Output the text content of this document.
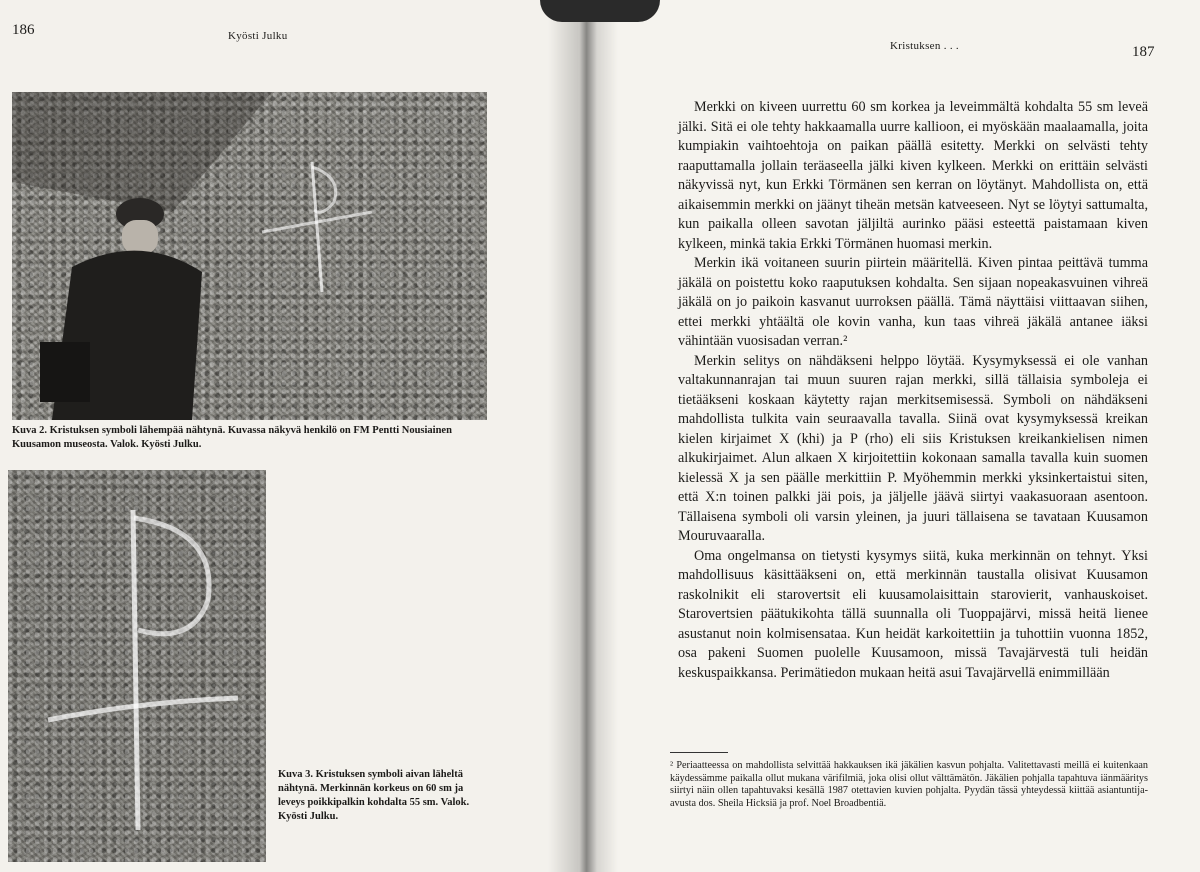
186	Kyösti Julku
Kuva 2. Kristuksen symboli lähempää nähtynä. Kuvassa näkyvä henkilö on FM Pentti Nousiainen Kuusamon museosta. Valok. Kyösti Julku.
Kuva 3. Kristuksen symboli aivan läheltä nähtynä. Merkinnän korkeus on 60 sm ja leveys poikkipalkin kohdalta 55 sm. Valok. Kyösti Julku.
Kristuksen . . .	187

Merkki on kiveen uurrettu 60 sm korkea ja leveimmältä kohdalta 55 sm leveä jälki. Sitä ei ole tehty hakkaamalla uurre kallioon, ei myöskään maalaamalla, joita kumpiakin vaihtoehtoja on paikan päällä esitetty. Merkki on selvästi tehty raaputtamalla jollain teräaseella jälki kiven kylkeen. Merkki on erittäin selvästi näkyvissä nyt, kun Erkki Törmänen sen kerran on löytänyt. Mahdollista on, että aikaisemmin merkki on jäänyt tiheän metsän katveeseen. Nyt se löytyi sattumalta, kun paikalla olleen savotan jäljiltä aurinko pääsi esteettä paistamaan kiven kylkeen, minkä takia Erkki Törmänen huomasi merkin.

Merkin ikä voitaneen suurin piirtein määritellä. Kiven pintaa peittävä tumma jäkälä on poistettu koko raaputuksen kohdalta. Sen sijaan nopeakasvuinen vihreä jäkälä on jo paikoin kasvanut uurroksen päällä. Tämä näyttäisi viittaavan siihen, ettei merkki yhtäältä ole kovin vanha, kun taas vihreä jäkälä antanee iäksi vähintään vuosisadan verran.²

Merkin selitys on nähdäkseni helppo löytää. Kysymyksessä ei ole vanhan valtakunnanrajan tai muun suuren rajan merkki, sillä tällaisia symboleja ei tietääkseni koskaan käytetty rajan merkitsemisessä. Symboli on nähdäkseni mahdollista tulkita vain seuraavalla tavalla. Siinä ovat kysymyksessä kreikan kielen kirjaimet X (khi) ja P (rho) eli siis Kristuksen kreikankielisen nimen alkukirjaimet. Alun alkaen X kirjoitettiin kokonaan samalla tavalla kuin suomen kielessä X ja sen päälle merkittiin P. Myöhemmin merkki yksinkertaistui siten, että X:n toinen palkki jäi pois, ja jäljelle jäävä siirtyi vaakasuoraan asentoon. Tällaisena symboli oli varsin yleinen, ja juuri tällaisena se tavataan Kuusamon Mouruvaaralla.

Oma ongelmansa on tietysti kysymys siitä, kuka merkinnän on tehnyt. Yksi mahdollisuus käsittääkseni on, että merkinnän taustalla olisivat Kuusamon raskolnikit eli starovertsit eli kuusamolaisittain starovierit, vanhauskoiset. Starovertsien päätukikohta tällä suunnalla oli Tuoppajärvi, missä heitä lienee asustanut noin kolmisensataa. Kun heidät karkoitettiin ja tuhottiin vuonna 1852, osa pakeni Suomen puolelle Kuusamoon, missä Tavajärvestä tuli heidän keskuspaikkansa. Perimätiedon mukaan heitä asui Tavajärvellä enimmillään

² Periaatteessa on mahdollista selvittää hakkauksen ikä jäkälien kasvun pohjalta. Valitettavasti meillä ei kuitenkaan käydessämme paikalla ollut mukana värifilmiä, joka olisi ollut välttämätön. Jäkälien pohjalla tapahtuva iänmääritys siirtyi näin ollen tapahtuvaksi kesällä 1987 otettavien kuvien pohjalta. Pyydän tässä yhteydessä kiittää asiantuntija-avusta dos. Sheila Hicksiä ja prof. Noel Broadbentiä.
